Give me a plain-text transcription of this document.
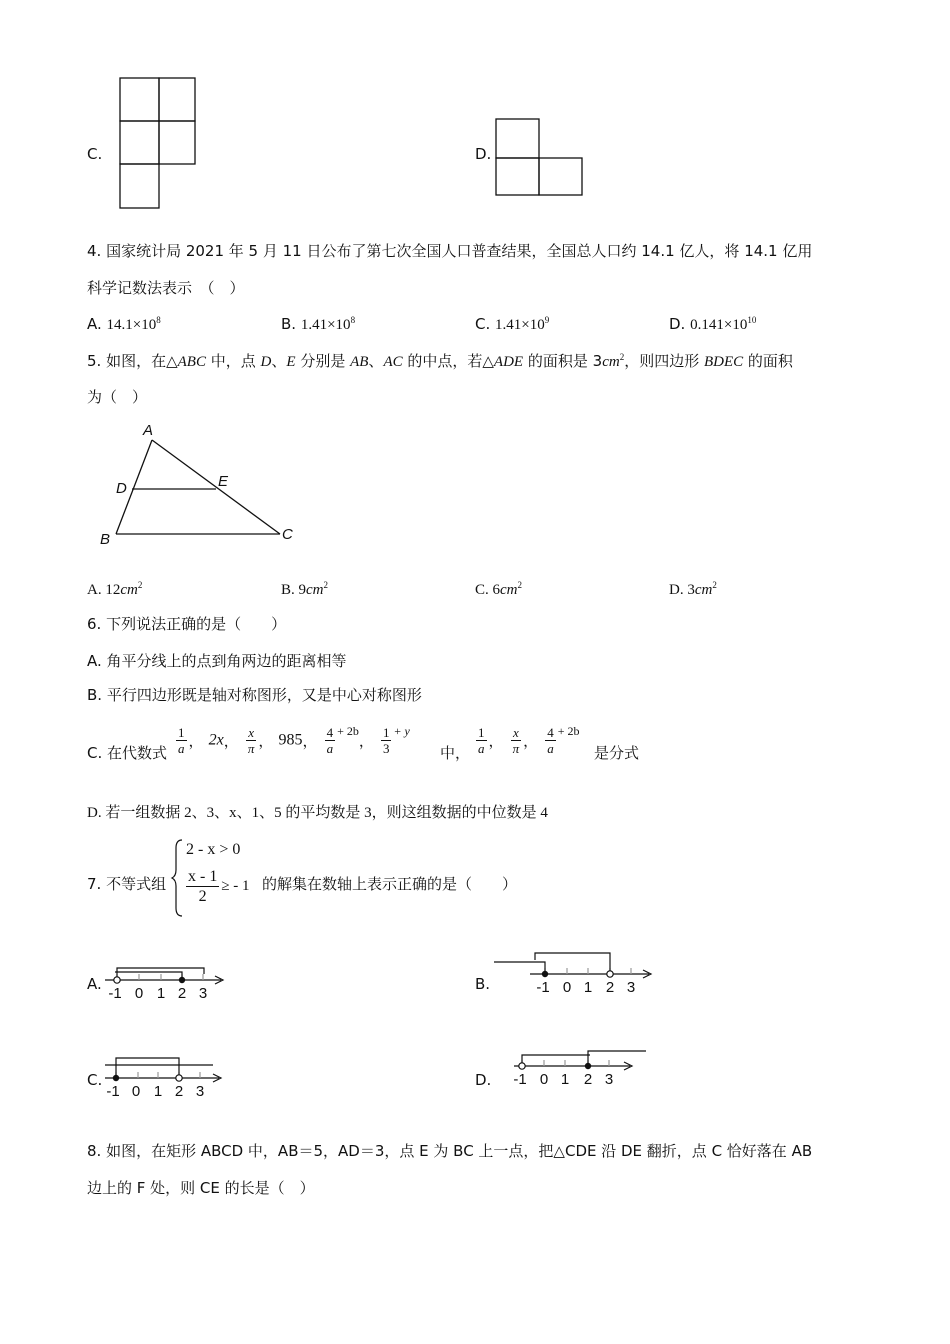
C.	D.
4. 国家统计局 2021 年 5 月 11 日公布了第七次全国人口普查结果，全国总人口约 14.1 亿人，将 14.1 亿用
科学记数法表示　（　）
A. $14.1\times 10^8$	B. $1.41\times 10^8$	C. $1.41\times 10^9$	D. $0.141\times 10^{10}$
5. 如图，在△ABC 中，点 D、E 分别是 AB、AC 的中点，若△ADE 的面积是 $3cm^2$，则四边形 BDEC 的面积
为（　）
A
B	C
D	E
A. $12cm^2$	B. $9cm^2$	C. $6cm^2$	D. $3cm^2$
6. 下列说法正确的是（　　）
A. 角平分线上的点到角两边的距离相等
B. 平行四边形既是轴对称图形，又是中心对称图形
C. 在代数式 $\frac{1}{a}$ ， 2x， $\frac{x}{\pi}$ ， 985， $\frac{4}{a} ^{+ 2b}$， $\frac{1}{3} ^{+ y}$
中， $\frac{1}{a}$ ， $\frac{x}{\pi}$ ， $\frac{4}{a} ^{+ 2b}$
是分式
D. 若一组数据 2、3、x、1、5 的平均数是 3，则这组数据的中位数是 4
7. 不等式组
2 - x > 0
$\frac{x - 1}{2}$ ≥ - 1 的解集在数轴上表示正确的是（　　）
A.
-1 0 1 2 3
B.	-1 0 1 2 3
C.
-1 0 1 2 3
D. -1 0 1 2 3
8. 如图，在矩形 ABCD 中，AB＝5，AD＝3，点 E 为 BC 上一点，把△CDE 沿 DE 翻折，点 C 恰好落在 AB
边上的 F 处，则 CE 的长是（　）
